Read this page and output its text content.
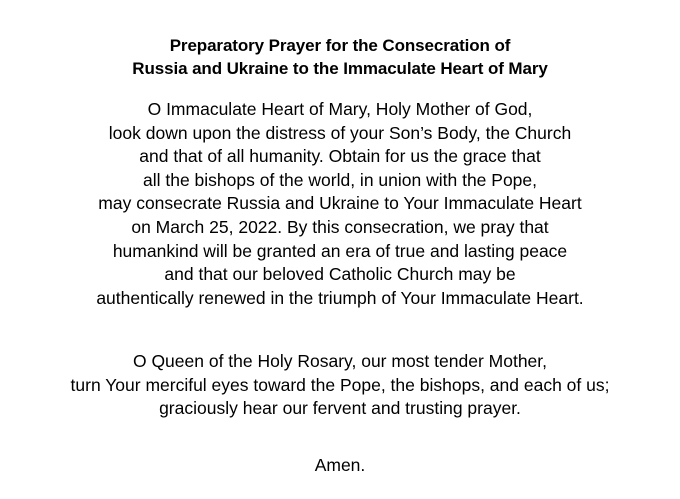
Preparatory Prayer for the Consecration of
Russia and Ukraine to the Immaculate Heart of Mary
O Immaculate Heart of Mary, Holy Mother of God,
look down upon the distress of your Son’s Body, the Church
and that of all humanity. Obtain for us the grace that
all the bishops of the world, in union with the Pope,
may consecrate Russia and Ukraine to Your Immaculate Heart
on March 25, 2022. By this consecration, we pray that
humankind will be granted an era of true and lasting peace
and that our beloved Catholic Church may be
authentically renewed in the triumph of Your Immaculate Heart.
O Queen of the Holy Rosary, our most tender Mother,
turn Your merciful eyes toward the Pope, the bishops, and each of us;
graciously hear our fervent and trusting prayer.
Amen.
